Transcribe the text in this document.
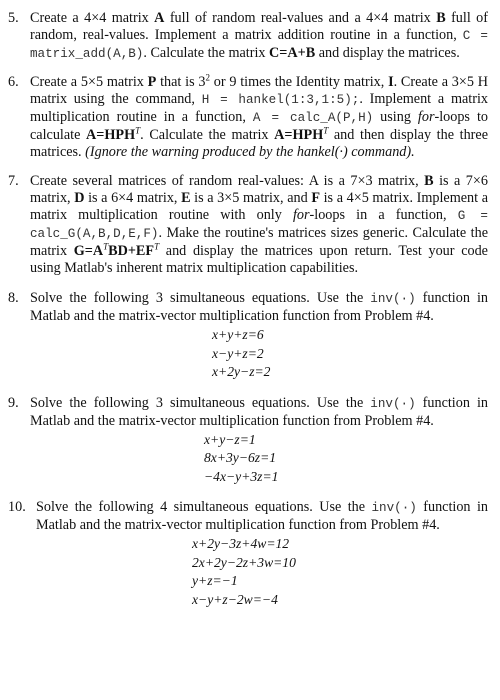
5. Create a 4×4 matrix A full of random real-values and a 4×4 matrix B full of random, real-values. Implement a matrix addition routine in a function, C = matrix_add(A,B). Calculate the matrix C=A+B and display the matrices.
6. Create a 5×5 matrix P that is $3^2$ or 9 times the Identity matrix, I. Create a 3×5 H matrix using the command, H = hankel(1:3,1:5);. Implement a matrix multiplication routine in a function, A = calc_A(P,H) using for-loops to calculate $A=HPH^T$. Calculate the matrix $A=HPH^T$ and then display the three matrices. (Ignore the warning produced by the hankel(·) command).
7. Create several matrices of random real-values: A is a 7×3 matrix, B is a 7×6 matrix, D is a 6×4 matrix, E is a 3×5 matrix, and F is a 4×5 matrix. Implement a matrix multiplication routine with only for-loops in a function, G = calc_G(A,B,D,E,F). Make the routine's matrices sizes generic. Calculate the matrix $G=A^TBD+EF^T$ and display the matrices upon return. Test your code using Matlab's inherent matrix multiplication capabilities.
8. Solve the following 3 simultaneous equations. Use the inv(·) function in Matlab and the matrix-vector multiplication function from Problem #4.
x+y+z=6
x−y+z=2
x+2y−z=2
9. Solve the following 3 simultaneous equations. Use the inv(·) function in Matlab and the matrix-vector multiplication function from Problem #4.
x+y−z=1
8x+3y−6z=1
−4x−y+3z=1
10. Solve the following 4 simultaneous equations. Use the inv(·) function in Matlab and the matrix-vector multiplication function from Problem #4.
x+2y−3z+4w=12
2x+2y−2z+3w=10
y+z=−1
x−y+z−2w=−4
